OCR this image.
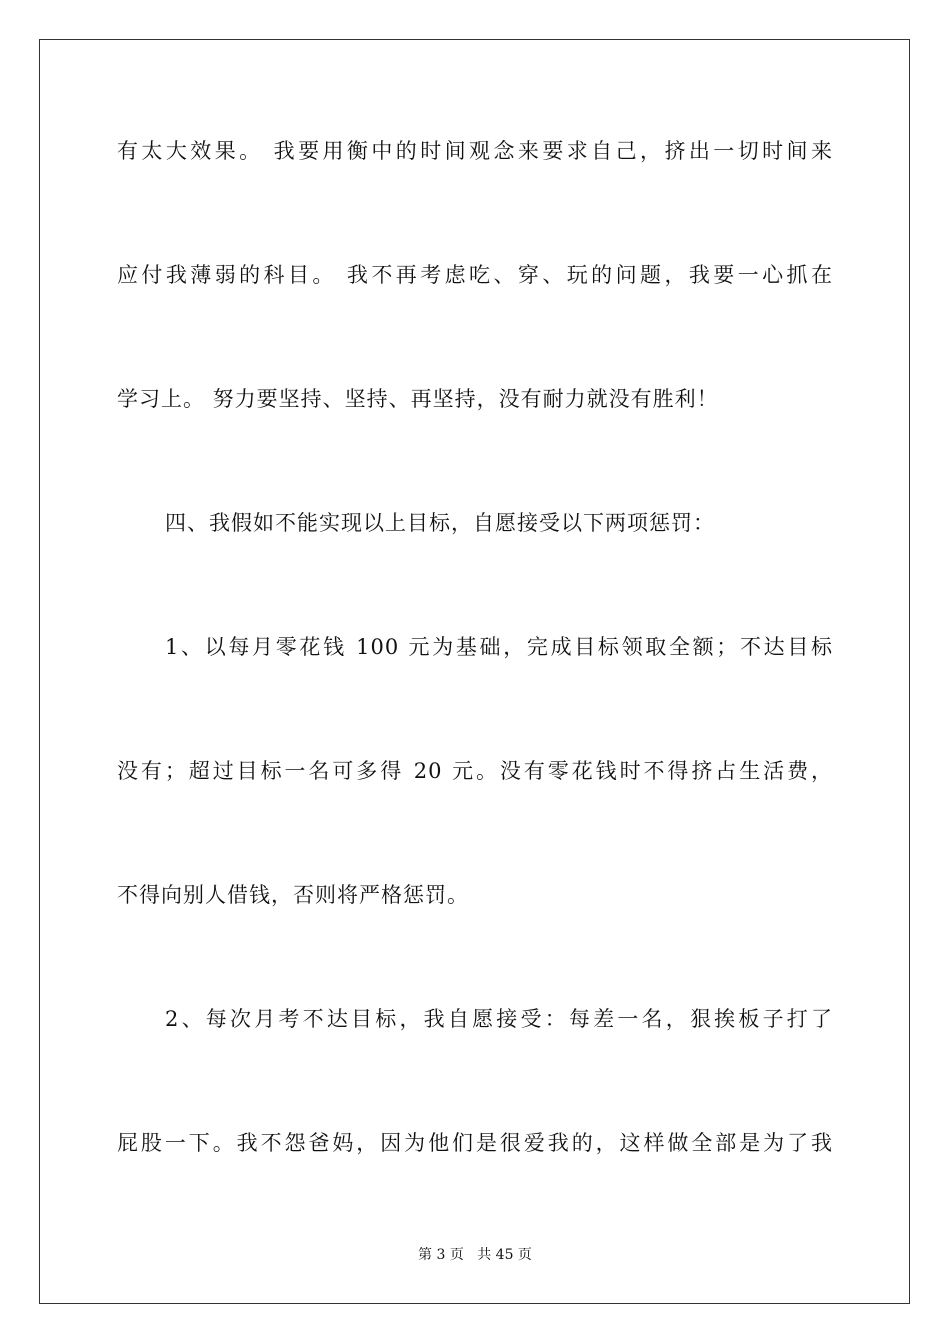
有太大效果。 我要用衡中的时间观念来要求自己，挤出一切时间来
应付我薄弱的科目。 我不再考虑吃、穿、玩的问题，我要一心抓在
学习上。 努力要坚持、坚持、再坚持，没有耐力就没有胜利！
四、我假如不能实现以上目标，自愿接受以下两项惩罚：
1、以每月零花钱 100 元为基础，完成目标领取全额；不达目标
没有；超过目标一名可多得 20 元。没有零花钱时不得挤占生活费，
不得向别人借钱，否则将严格惩罚。
2、每次月考不达目标，我自愿接受：每差一名，狠挨板子打了
屁股一下。我不怨爸妈，因为他们是很爱我的，这样做全部是为了我
第 3 页 共 45 页
